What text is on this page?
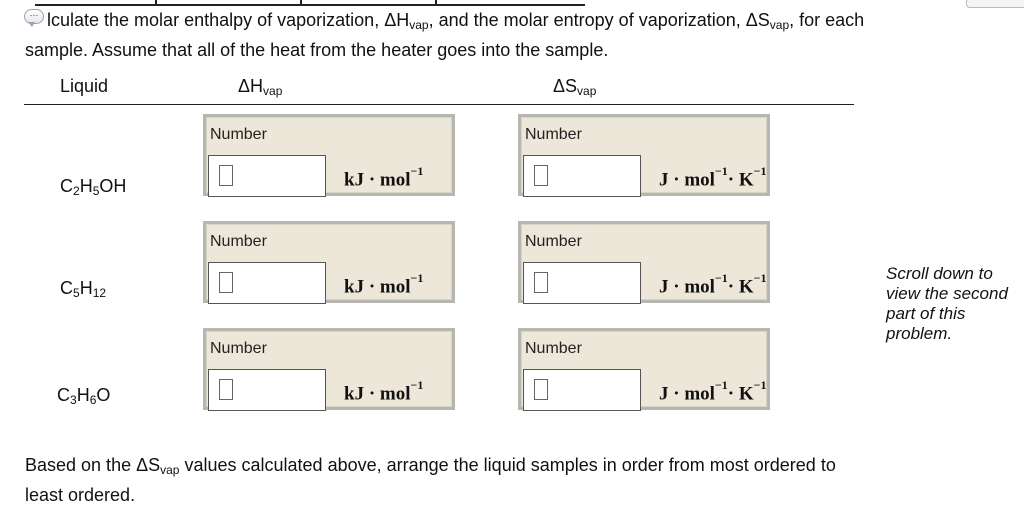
lculate the molar enthalpy of vaporization, $\Delta H_{vap}$, and the molar entropy of vaporization, $\Delta S_{vap}$, for each
sample. Assume that all of the heat from the heater goes into the sample.
···
Liquid	$\Delta H_{vap}$	$\Delta S_{vap}$
$C_2H_5OH$
Number
kJ · mol$^{-1}$
Number
$J \cdot mol^{-1}\cdot K^{-1}$
$C_5H_{12}$
Number
kJ · mol$^{-1}$
Number
$J \cdot mol^{-1}\cdot K^{-1}$
$C_3H_6O$
Number
kJ · mol$^{-1}$
Number
$J \cdot mol^{-1}\cdot K^{-1}$
Scroll down to view the second part of this problem.
Based on the $\Delta S_{vap}$ values calculated above, arrange the liquid samples in order from most ordered to
least ordered.
